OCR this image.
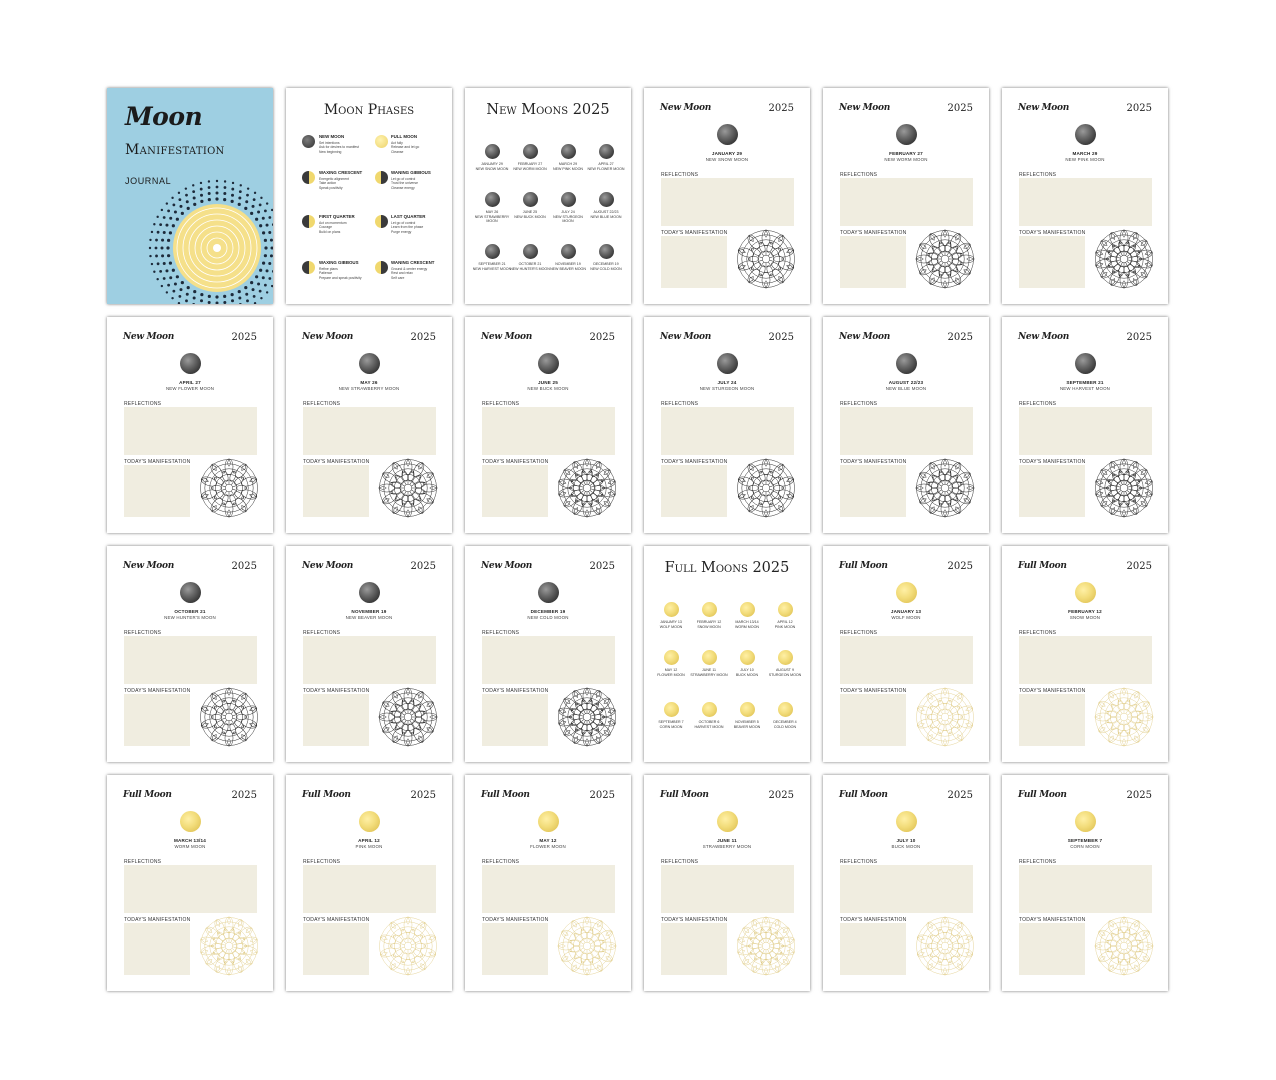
Moon
Manifestation
JOURNAL
Moon Phases
NEW MOON
Set intentions
Ask for desires to manifest
New beginning
FULL MOON
Act fully
Release and let go
Cleanse
WAXING CRESCENT
Energetic alignment
Take action
Speak positivity
WANING GIBBOUS
Let go of control
Trust the universe
Cleanse energy
FIRST QUARTER
Act on momentum
Courage
Build on plans
LAST QUARTER
Let go of control
Learn from the phase
Purge energy
WAXING GIBBOUS
Refine plans
Patience
Prepare and speak positivity
WANING CRESCENT
Ground & center energy
Rest and relax
Self care
New Moons 2025
JANUARY 29
NEW SNOW MOON
FEBRUARY 27
NEW WORM MOON
MARCH 29
NEW PINK MOON
APRIL 27
NEW FLOWER MOON
MAY 26
NEW STRAWBERRY MOON
JUNE 25
NEW BUCK MOON
JULY 24
NEW STURGEON MOON
AUGUST 22/23
NEW BLUE MOON
SEPTEMBER 21
NEW HARVEST MOON
OCTOBER 21
NEW HUNTER'S MOON
NOVEMBER 19
NEW BEAVER MOON
DECEMBER 19
NEW COLD MOON
Full Moons 2025
JANUARY 13
WOLF MOON
FEBRUARY 12
SNOW MOON
MARCH 13/14
WORM MOON
APRIL 12
PINK MOON
MAY 12
FLOWER MOON
JUNE 11
STRAWBERRY MOON
JULY 10
BUCK MOON
AUGUST 9
STURGEON MOON
SEPTEMBER 7
CORN MOON
OCTOBER 6
HARVEST MOON
NOVEMBER 5
BEAVER MOON
DECEMBER 4
COLD MOON
New Moon	2025
JANUARY 29
NEW SNOW MOON
REFLECTIONS
TODAY'S MANIFESTATION
New Moon	2025
FEBRUARY 27
NEW WORM MOON
REFLECTIONS
TODAY'S MANIFESTATION
New Moon	2025
MARCH 29
NEW PINK MOON
REFLECTIONS
TODAY'S MANIFESTATION
New Moon	2025
APRIL 27
NEW FLOWER MOON
REFLECTIONS
TODAY'S MANIFESTATION
New Moon	2025
MAY 26
NEW STRAWBERRY MOON
REFLECTIONS
TODAY'S MANIFESTATION
New Moon	2025
JUNE 25
NEW BUCK MOON
REFLECTIONS
TODAY'S MANIFESTATION
New Moon	2025
JULY 24
NEW STURGEON MOON
REFLECTIONS
TODAY'S MANIFESTATION
New Moon	2025
AUGUST 22/23
NEW BLUE MOON
REFLECTIONS
TODAY'S MANIFESTATION
New Moon	2025
SEPTEMBER 21
NEW HARVEST MOON
REFLECTIONS
TODAY'S MANIFESTATION
New Moon	2025
OCTOBER 21
NEW HUNTER'S MOON
REFLECTIONS
TODAY'S MANIFESTATION
New Moon	2025
NOVEMBER 19
NEW BEAVER MOON
REFLECTIONS
TODAY'S MANIFESTATION
New Moon	2025
DECEMBER 19
NEW COLD MOON
REFLECTIONS
TODAY'S MANIFESTATION
Full Moon	2025
JANUARY 13
WOLF MOON
REFLECTIONS
TODAY'S MANIFESTATION
Full Moon	2025
FEBRUARY 12
SNOW MOON
REFLECTIONS
TODAY'S MANIFESTATION
Full Moon	2025
MARCH 13/14
WORM MOON
REFLECTIONS
TODAY'S MANIFESTATION
Full Moon	2025
APRIL 12
PINK MOON
REFLECTIONS
TODAY'S MANIFESTATION
Full Moon	2025
MAY 12
FLOWER MOON
REFLECTIONS
TODAY'S MANIFESTATION
Full Moon	2025
JUNE 11
STRAWBERRY MOON
REFLECTIONS
TODAY'S MANIFESTATION
Full Moon	2025
JULY 10
BUCK MOON
REFLECTIONS
TODAY'S MANIFESTATION
Full Moon	2025
SEPTEMBER 7
CORN MOON
REFLECTIONS
TODAY'S MANIFESTATION
